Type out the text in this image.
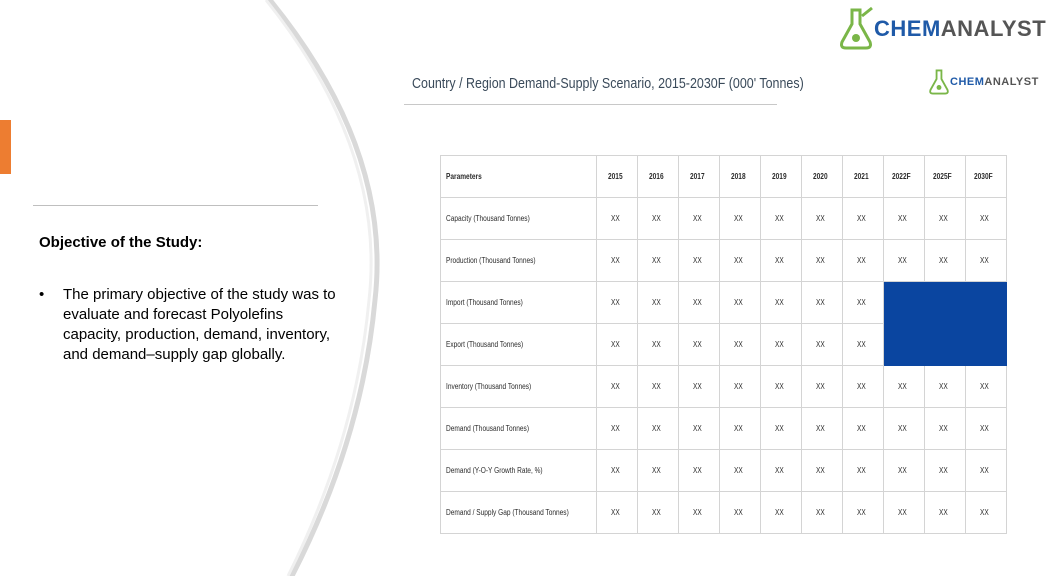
Objective of the Study:
•	The primary objective of the study was to evaluate and forecast Polyolefins capacity, production, demand, inventory, and demand–supply gap globally.
CHEMANALYST
CHEMANALYST
Country / Region Demand-Supply Scenario, 2015-2030F (000' Tonnes)
Parameters	2015	2016	2017	2018	2019	2020	2021	2022F	2025F	2030F
Capacity (Thousand Tonnes)	XX	XX	XX	XX	XX	XX	XX	XX	XX	XX
Production (Thousand Tonnes)	XX	XX	XX	XX	XX	XX	XX	XX	XX	XX
Import (Thousand Tonnes)	XX	XX	XX	XX	XX	XX	XX			
Export (Thousand Tonnes)	XX	XX	XX	XX	XX	XX	XX			
Inventory (Thousand Tonnes)	XX	XX	XX	XX	XX	XX	XX	XX	XX	XX
Demand (Thousand Tonnes)	XX	XX	XX	XX	XX	XX	XX	XX	XX	XX
Demand (Y-O-Y Growth Rate, %)	XX	XX	XX	XX	XX	XX	XX	XX	XX	XX
Demand / Supply Gap (Thousand Tonnes)	XX	XX	XX	XX	XX	XX	XX	XX	XX	XX
